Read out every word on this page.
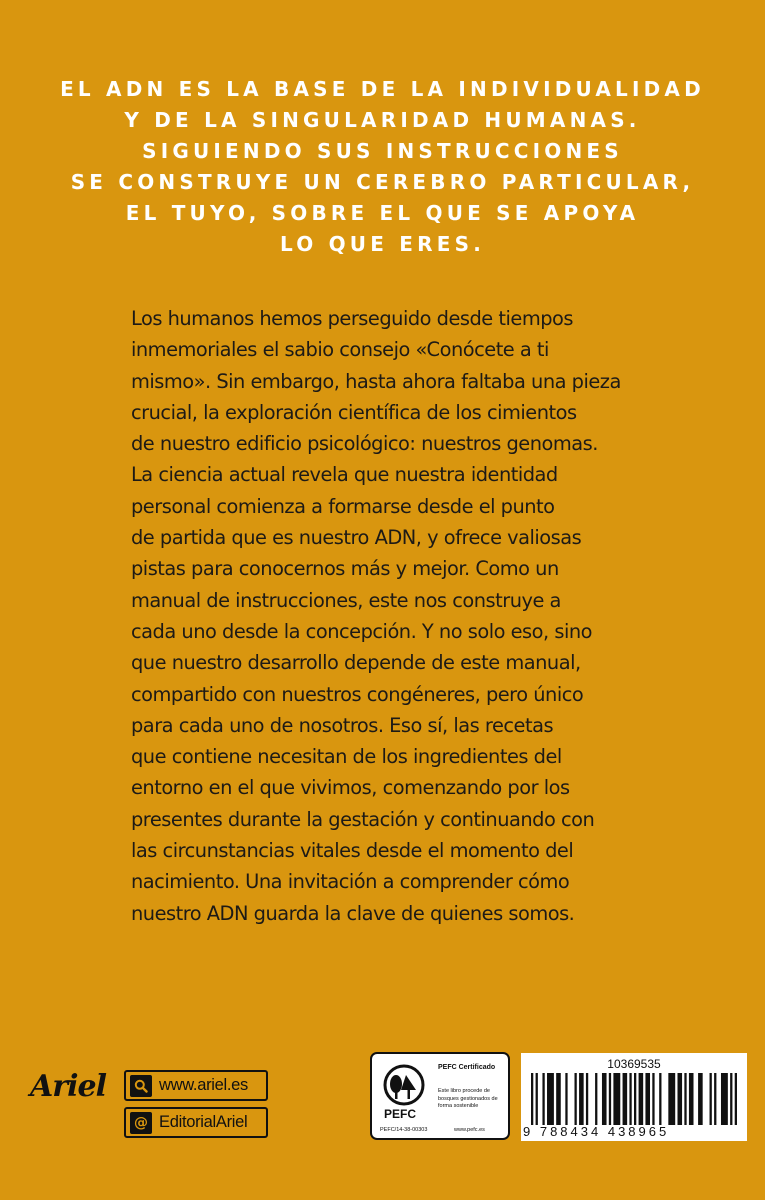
EL ADN ES LA BASE DE LA INDIVIDUALIDAD
Y DE LA SINGULARIDAD HUMANAS.
SIGUIENDO SUS INSTRUCCIONES
SE CONSTRUYE UN CEREBRO PARTICULAR,
EL TUYO, SOBRE EL QUE SE APOYA
LO QUE ERES.
Los humanos hemos perseguido desde tiempos
inmemoriales el sabio consejo «Conócete a ti
mismo». Sin embargo, hasta ahora faltaba una pieza
crucial, la exploración científica de los cimientos
de nuestro edificio psicológico: nuestros genomas.
La ciencia actual revela que nuestra identidad
personal comienza a formarse desde el punto
de partida que es nuestro ADN, y ofrece valiosas
pistas para conocernos más y mejor. Como un
manual de instrucciones, este nos construye a
cada uno desde la concepción. Y no solo eso, sino
que nuestro desarrollo depende de este manual,
compartido con nuestros congéneres, pero único
para cada uno de nosotros. Eso sí, las recetas
que contiene necesitan de los ingredientes del
entorno en el que vivimos, comenzando por los
presentes durante la gestación y continuando con
las circunstancias vitales desde el momento del
nacimiento. Una invitación a comprender cómo
nuestro ADN guarda la clave de quienes somos.
Ariel	www.ariel.es
@ EditorialAriel
PEFC Certificado
Este libro procede de bosques gestionados de forma sostenible
PEFC
PEFC/14-38-00303	www.pefc.es
10369535
9 788434 438965
